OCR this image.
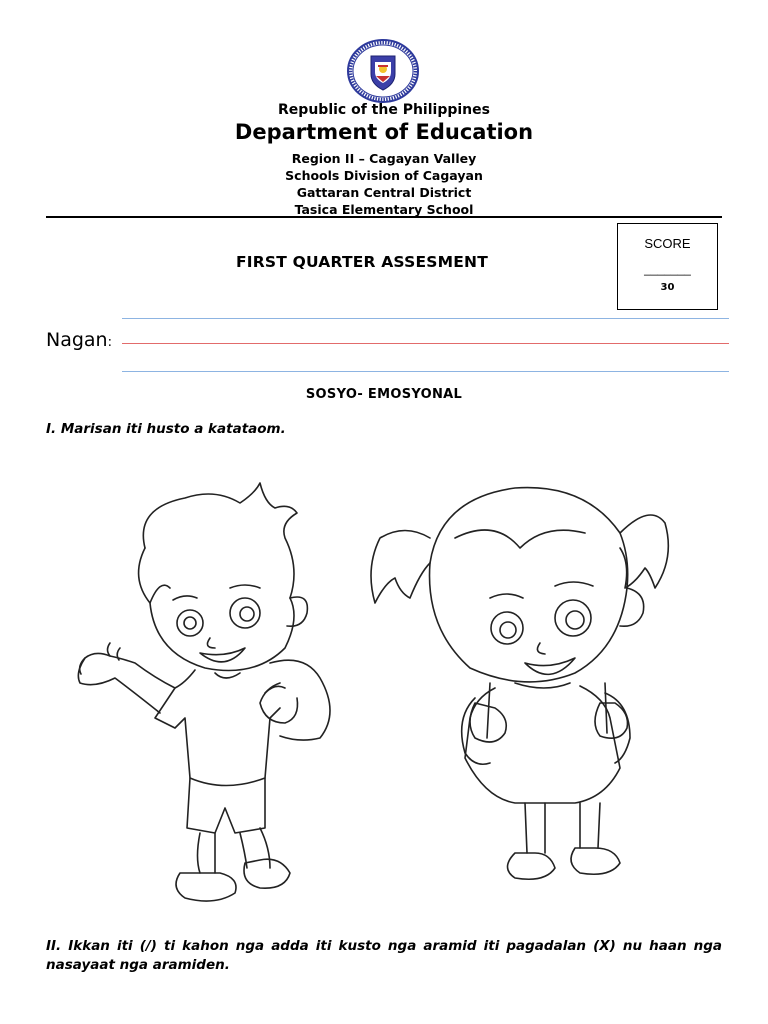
Republic of the Philippines
Department of Education
Region II – Cagayan Valley
Schools Division of Cagayan
Gattaran Central District
Tasica Elementary School
FIRST QUARTER ASSESMENT
SCORE
_______
30
Nagan:
SOSYO- EMOSYONAL
I. Marisan iti husto a katataom.
II. Ikkan iti (/) ti kahon nga adda iti kusto nga aramid iti pagadalan (X) nu haan nga nasayaat nga aramiden.
